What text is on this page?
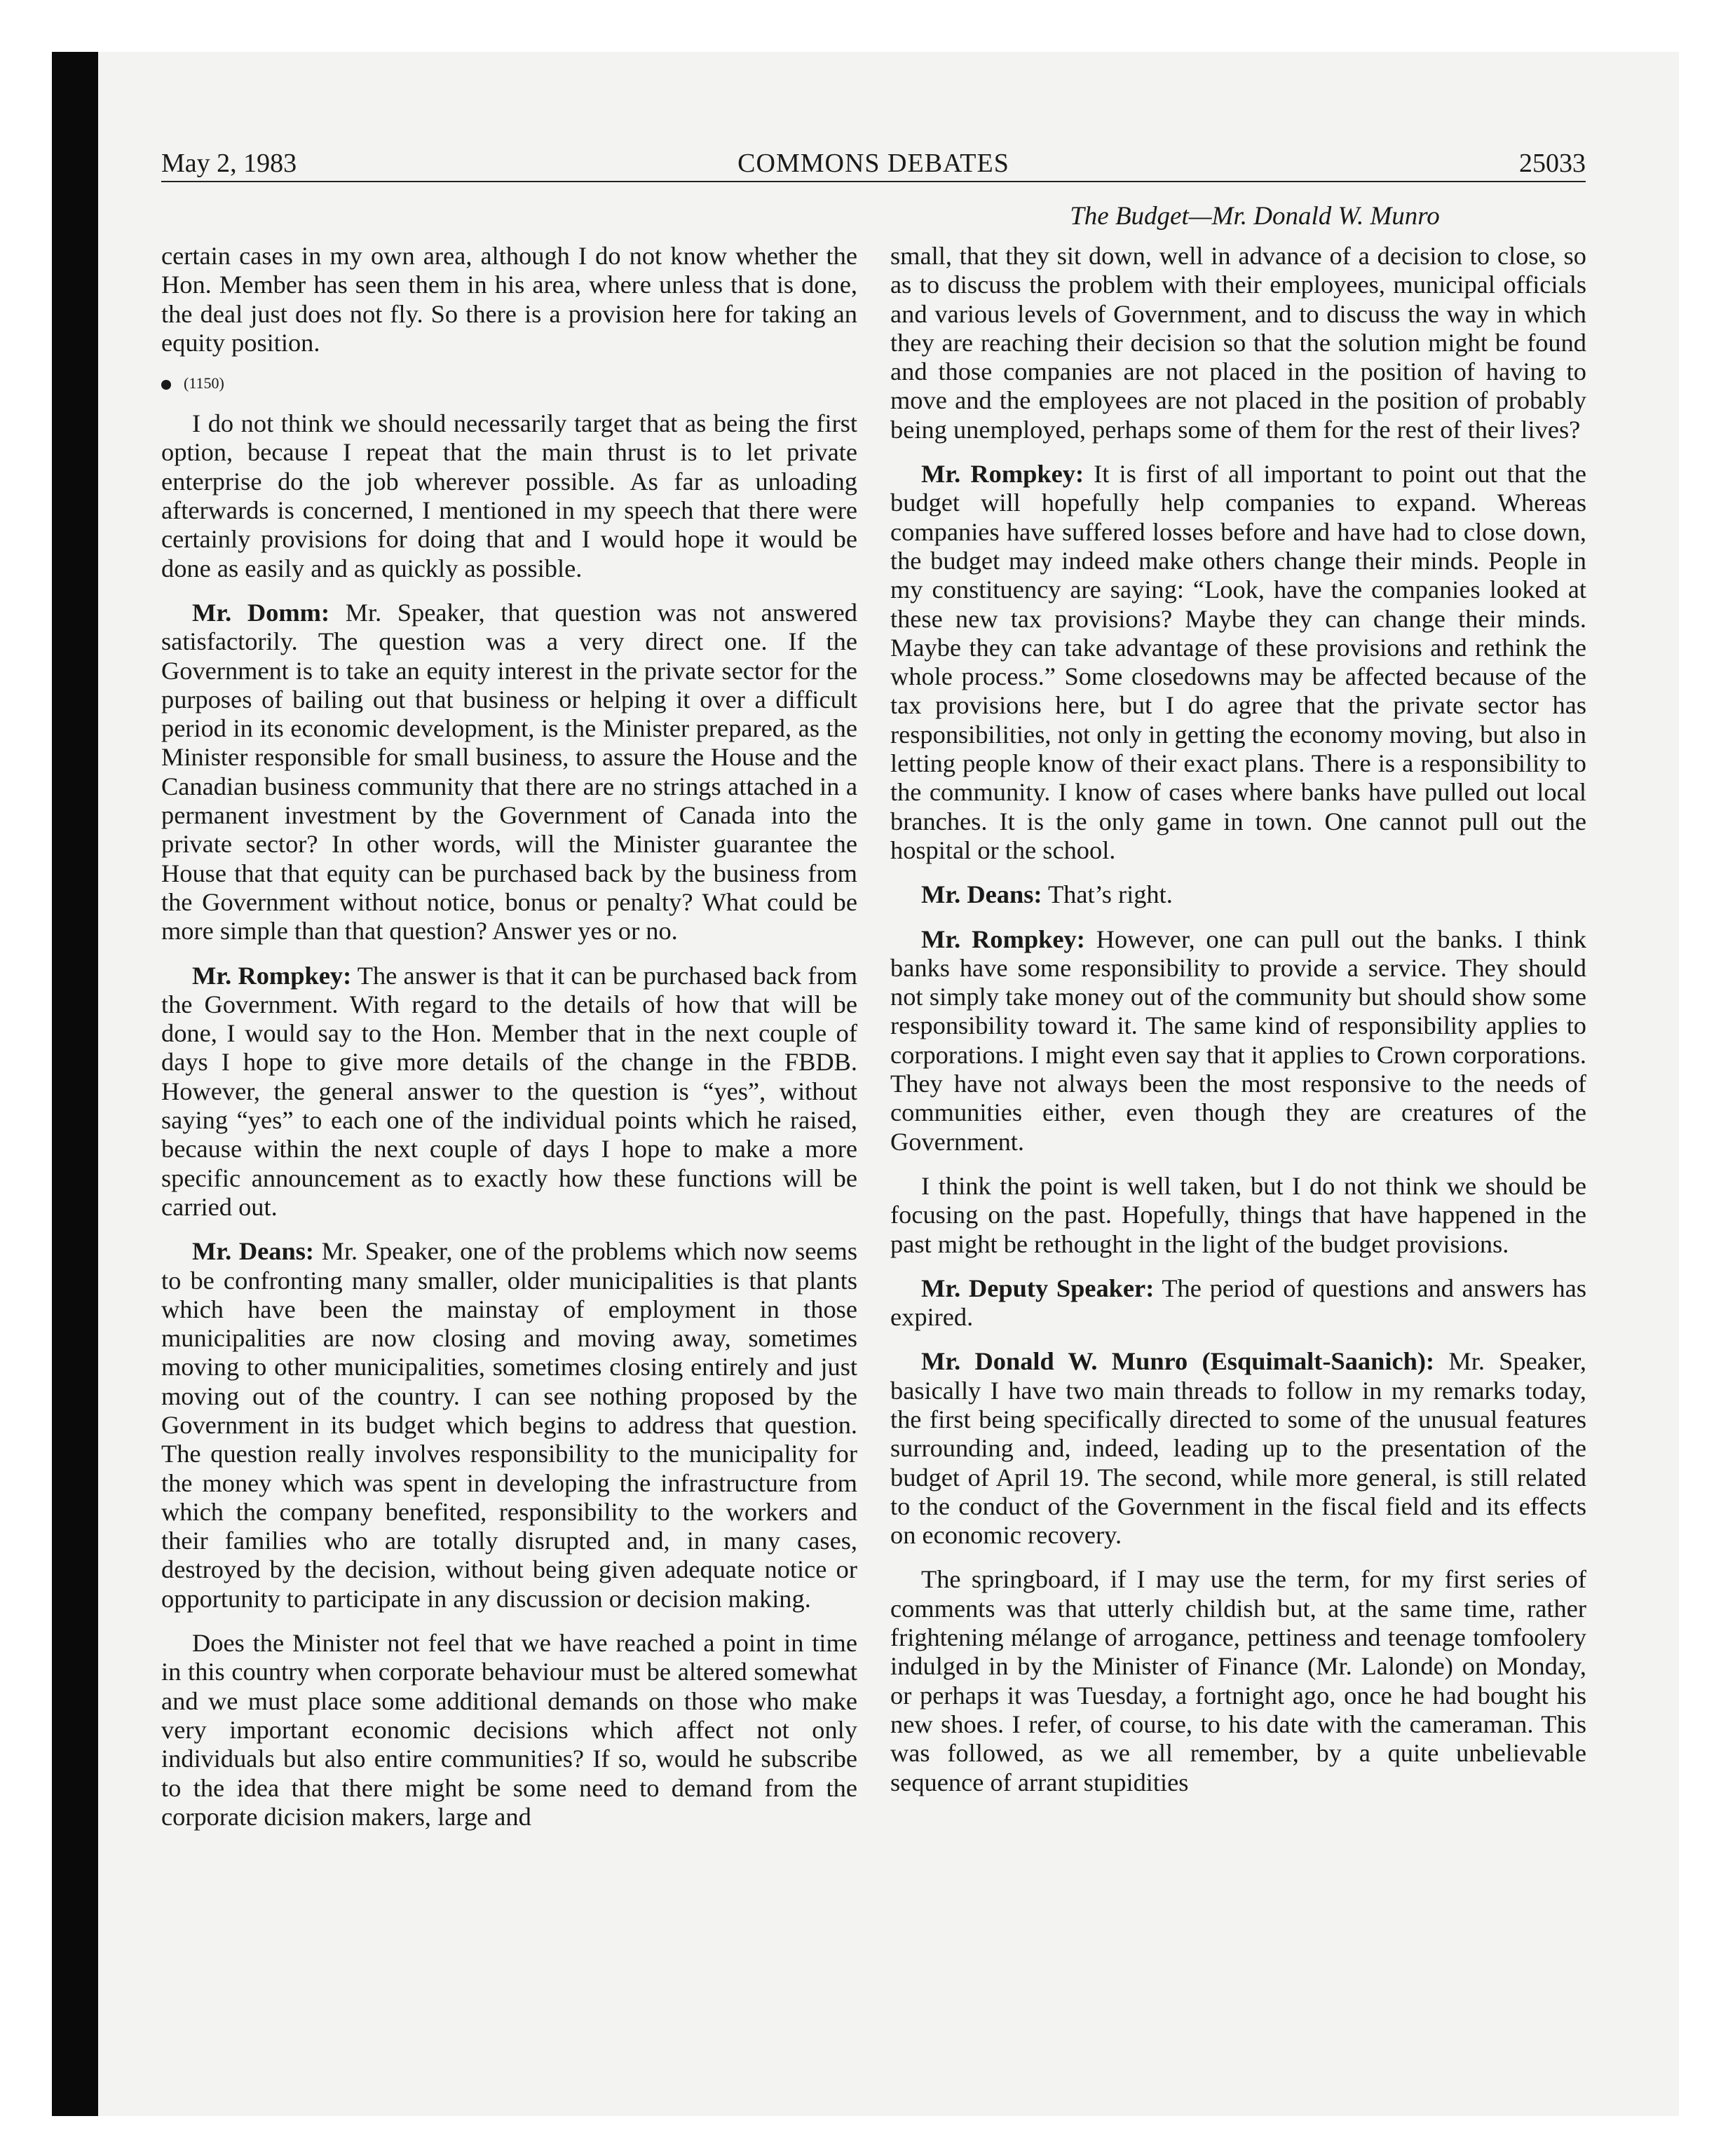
May 2, 1983	COMMONS DEBATES	25033
The Budget—Mr. Donald W. Munro

certain cases in my own area, although I do not know whether the Hon. Member has seen them in his area, where unless that is done, the deal just does not fly. So there is a provision here for taking an equity position.

(1150)

I do not think we should necessarily target that as being the first option, because I repeat that the main thrust is to let private enterprise do the job wherever possible. As far as unloading afterwards is concerned, I mentioned in my speech that there were certainly provisions for doing that and I would hope it would be done as easily and as quickly as possible.

Mr. Domm: Mr. Speaker, that question was not answered satisfactorily. The question was a very direct one. If the Government is to take an equity interest in the private sector for the purposes of bailing out that business or helping it over a difficult period in its economic development, is the Minister prepared, as the Minister responsible for small business, to assure the House and the Canadian business community that there are no strings attached in a permanent investment by the Government of Canada into the private sector? In other words, will the Minister guarantee the House that that equity can be purchased back by the business from the Government without notice, bonus or penalty? What could be more simple than that question? Answer yes or no.

Mr. Rompkey: The answer is that it can be purchased back from the Government. With regard to the details of how that will be done, I would say to the Hon. Member that in the next couple of days I hope to give more details of the change in the FBDB. However, the general answer to the question is “yes”, without saying “yes” to each one of the individual points which he raised, because within the next couple of days I hope to make a more specific announcement as to exactly how these functions will be carried out.

Mr. Deans: Mr. Speaker, one of the problems which now seems to be confronting many smaller, older municipalities is that plants which have been the mainstay of employment in those municipalities are now closing and moving away, sometimes moving to other municipalities, sometimes closing entirely and just moving out of the country. I can see nothing proposed by the Government in its budget which begins to address that question. The question really involves responsibility to the municipality for the money which was spent in developing the infrastructure from which the company benefited, responsibility to the workers and their families who are totally disrupted and, in many cases, destroyed by the decision, without being given adequate notice or opportunity to participate in any discussion or decision making.

Does the Minister not feel that we have reached a point in time in this country when corporate behaviour must be altered somewhat and we must place some additional demands on those who make very important economic decisions which affect not only individuals but also entire communities? If so, would he subscribe to the idea that there might be some need to demand from the corporate dicision makers, large and

small, that they sit down, well in advance of a decision to close, so as to discuss the problem with their employees, municipal officials and various levels of Government, and to discuss the way in which they are reaching their decision so that the solution might be found and those companies are not placed in the position of having to move and the employees are not placed in the position of probably being unemployed, perhaps some of them for the rest of their lives?

Mr. Rompkey: It is first of all important to point out that the budget will hopefully help companies to expand. Whereas companies have suffered losses before and have had to close down, the budget may indeed make others change their minds. People in my constituency are saying: “Look, have the companies looked at these new tax provisions? Maybe they can change their minds. Maybe they can take advantage of these provisions and rethink the whole process.” Some closedowns may be affected because of the tax provisions here, but I do agree that the private sector has responsibilities, not only in getting the economy moving, but also in letting people know of their exact plans. There is a responsibility to the community. I know of cases where banks have pulled out local branches. It is the only game in town. One cannot pull out the hospital or the school.

Mr. Deans: That’s right.

Mr. Rompkey: However, one can pull out the banks. I think banks have some responsibility to provide a service. They should not simply take money out of the community but should show some responsibility toward it. The same kind of responsibility applies to corporations. I might even say that it applies to Crown corporations. They have not always been the most responsive to the needs of communities either, even though they are creatures of the Government.

I think the point is well taken, but I do not think we should be focusing on the past. Hopefully, things that have happened in the past might be rethought in the light of the budget provisions.

Mr. Deputy Speaker: The period of questions and answers has expired.

Mr. Donald W. Munro (Esquimalt-Saanich): Mr. Speaker, basically I have two main threads to follow in my remarks today, the first being specifically directed to some of the unusual features surrounding and, indeed, leading up to the presentation of the budget of April 19. The second, while more general, is still related to the conduct of the Government in the fiscal field and its effects on economic recovery.

The springboard, if I may use the term, for my first series of comments was that utterly childish but, at the same time, rather frightening mélange of arrogance, pettiness and teenage tomfoolery indulged in by the Minister of Finance (Mr. Lalonde) on Monday, or perhaps it was Tuesday, a fortnight ago, once he had bought his new shoes. I refer, of course, to his date with the cameraman. This was followed, as we all remember, by a quite unbelievable sequence of arrant stupidities
